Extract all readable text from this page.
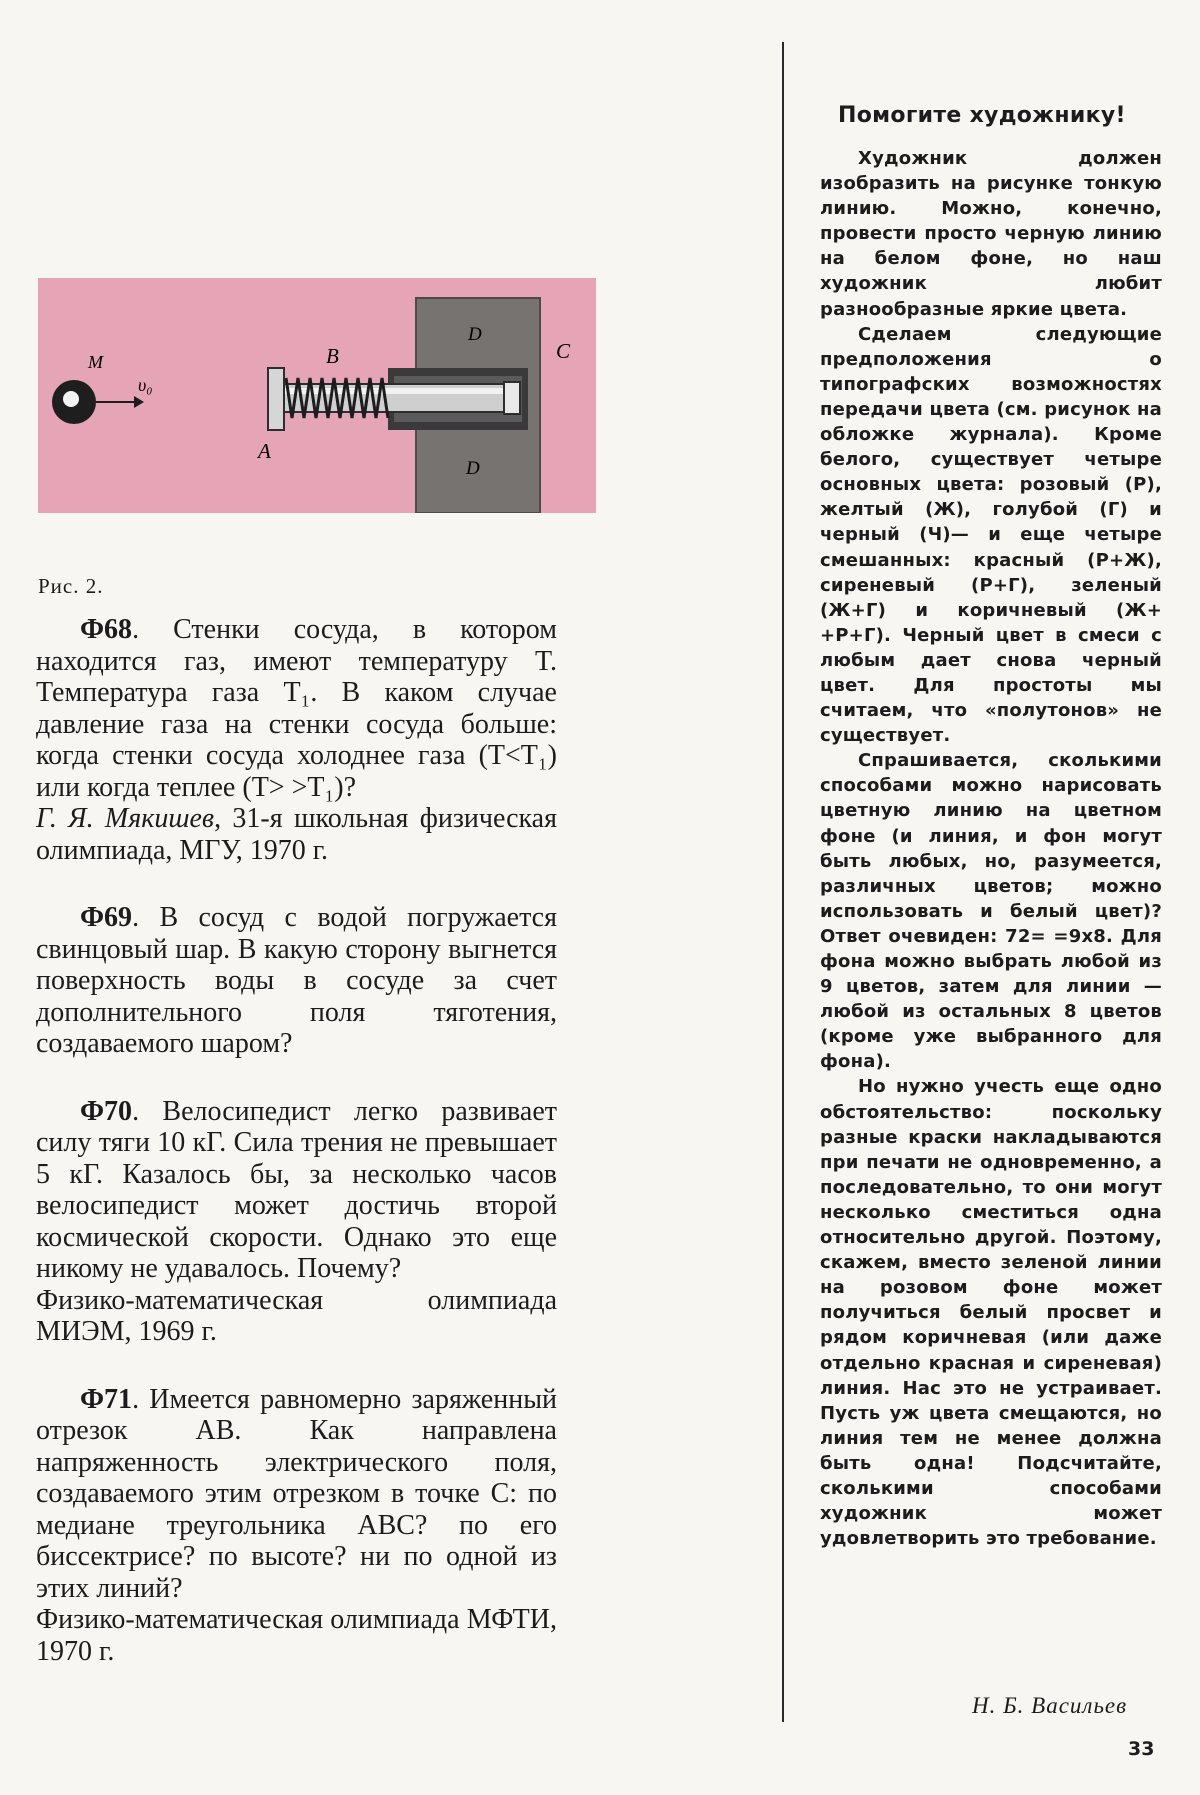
M
υ₀
B	C
A
D
D
Рис. 2.

Ф68. Стенки сосуда, в котором находится газ, имеют температуру T. Температура газа T₁. В каком случае давление газа на стенки сосуда больше: когда стенки сосуда холоднее газа (T<T₁) или когда теплее (T> >T₁)?

Г. Я. Мякишев, 31-я школьная физическая олимпиада, МГУ, 1970 г.

Ф69. В сосуд с водой погружается свинцовый шар. В какую сторону выгнется поверхность воды в сосуде за счет дополнительного поля тяготения, создаваемого шаром?

Ф70. Велосипедист легко развивает силу тяги 10 кГ. Сила трения не превышает 5 кГ. Казалось бы, за несколько часов велосипедист может достичь второй космической скорости. Однако это еще никому не удавалось. Почему?

Физико-математическая олимпиада МИЭМ, 1969 г.

Ф71. Имеется равномерно заряженный отрезок AB. Как направлена напряженность электрического поля, создаваемого этим отрезком в точке C: по медиане треугольника ABC? по его биссектрисе? по высоте? ни по одной из этих линий?

Физико-математическая олимпиада МФТИ, 1970 г.

Помогите художнику!

Художник должен изобразить на рисунке тонкую линию. Можно, конечно, провести просто черную линию на белом фоне, но наш художник любит разнообразные яркие цвета.

Сделаем следующие предположения о типографских возможностях передачи цвета (см. рисунок на обложке журнала). Кроме белого, существует четыре основных цвета: розовый (Р), желтый (Ж), голубой (Г) и черный (Ч)— и еще четыре смешанных: красный (Р+Ж), сиреневый (Р+Г), зеленый (Ж+Г) и коричневый (Ж+ +Р+Г). Черный цвет в смеси с любым дает снова черный цвет. Для простоты мы считаем, что «полутонов» не существует.

Спрашивается, сколькими способами можно нарисовать цветную линию на цветном фоне (и линия, и фон могут быть любых, но, разумеется, различных цветов; можно использовать и белый цвет)? Ответ очевиден: 72= =9x8. Для фона можно выбрать любой из 9 цветов, затем для линии — любой из остальных 8 цветов (кроме уже выбранного для фона).

Но нужно учесть еще одно обстоятельство: поскольку разные краски накладываются при печати не одновременно, а последовательно, то они могут несколько сместиться одна относительно другой. Поэтому, скажем, вместо зеленой линии на розовом фоне может получиться белый просвет и рядом коричневая (или даже отдельно красная и сиреневая) линия. Нас это не устраивает. Пусть уж цвета смещаются, но линия тем не менее должна быть одна! Подсчитайте, сколькими способами художник может удовлетворить это требование.

Н. Б. Васильев
33
